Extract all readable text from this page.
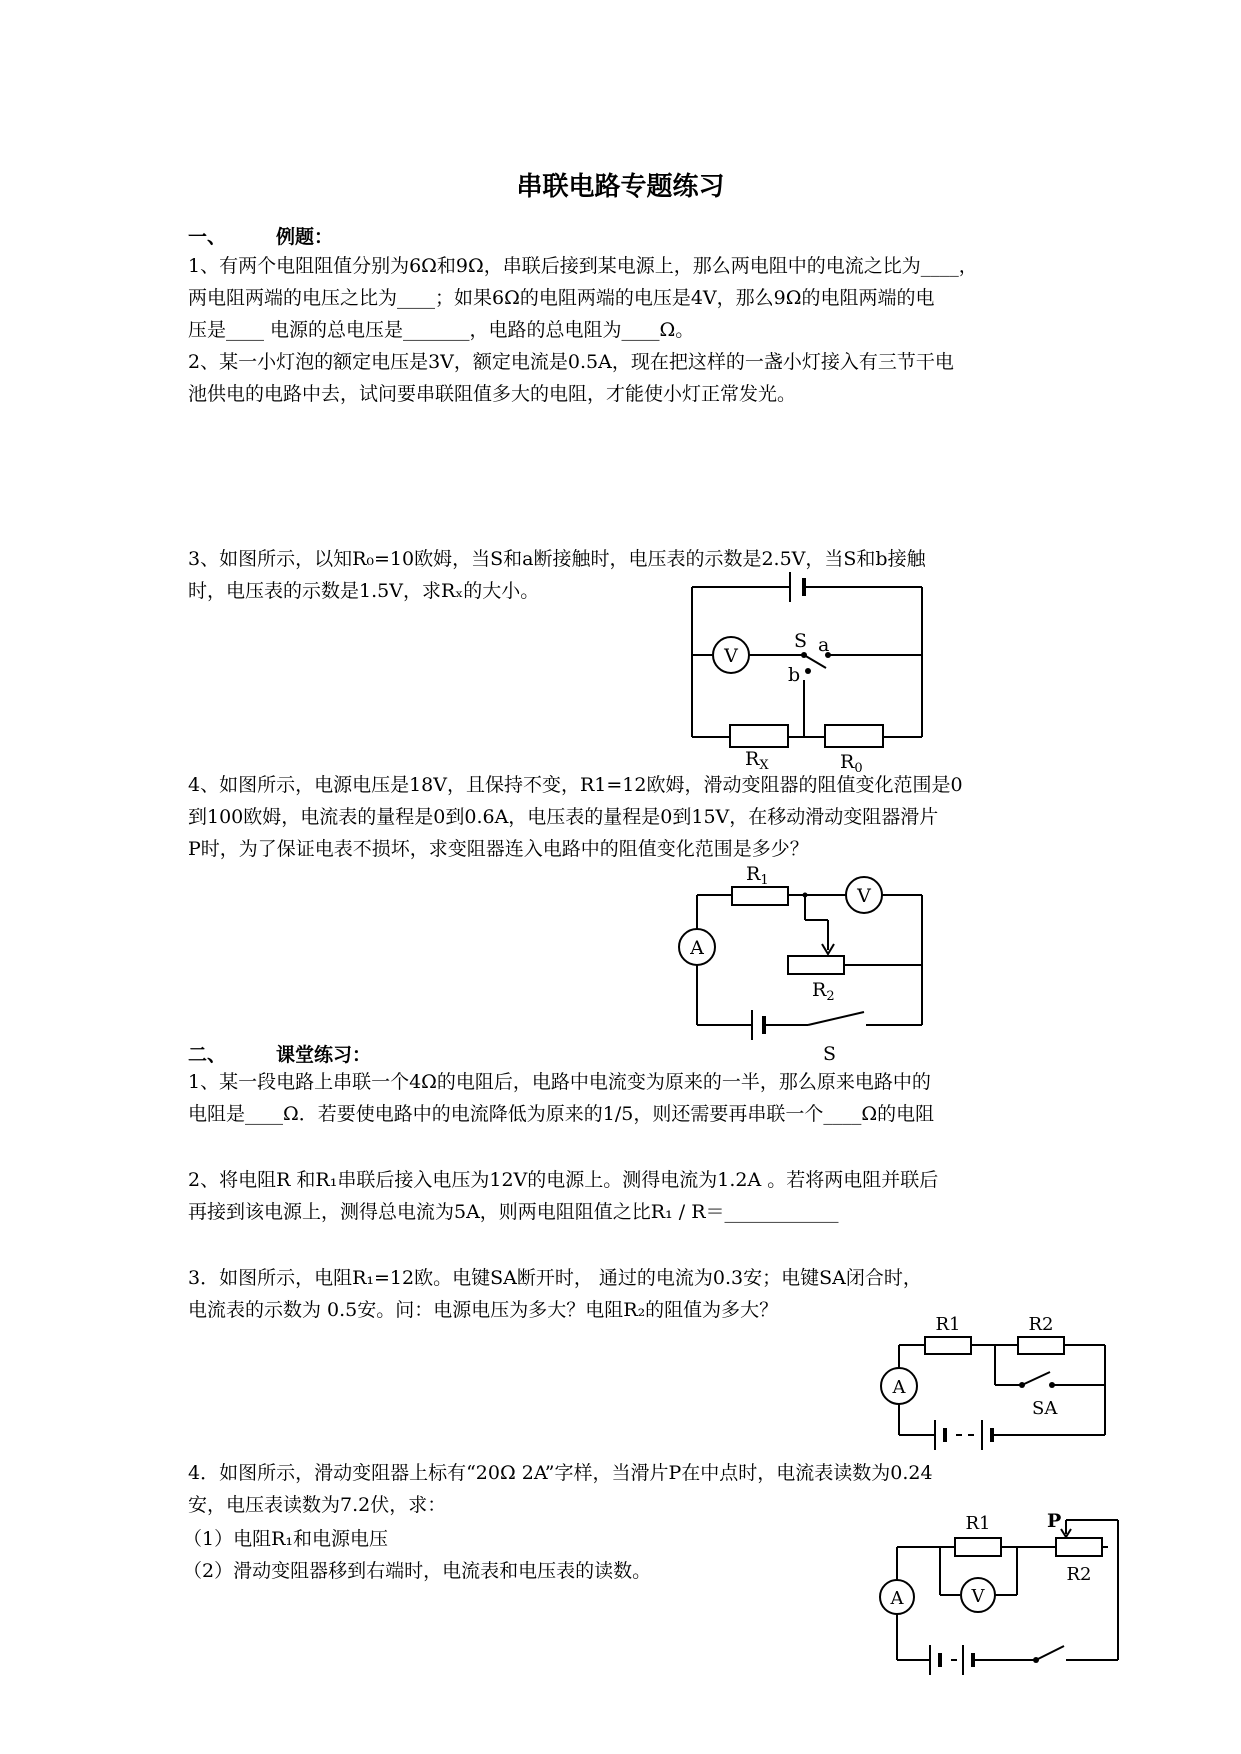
串联电路专题练习
一、	例题：
1、有两个电阻阻值分别为6Ω和9Ω，串联后接到某电源上，那么两电阻中的电流之比为____，
两电阻两端的电压之比为____；如果6Ω的电阻两端的电压是4V，那么9Ω的电阻两端的电
压是____ 电源的总电压是_______，电路的总电阻为____Ω。
2、某一小灯泡的额定电压是3V，额定电流是0.5A，现在把这样的一盏小灯接入有三节干电
池供电的电路中去，试问要串联阻值多大的电阻，才能使小灯正常发光。
3、如图所示，以知R₀=10欧姆，当S和a断接触时，电压表的示数是2.5V，当S和b接触
时，电压表的示数是1.5V，求Rₓ的大小。
V
S a
b
$R_X$	$R_0$
4、如图所示，电源电压是18V，且保持不变，R1=12欧姆，滑动变阻器的阻值变化范围是0
到100欧姆，电流表的量程是0到0.6A，电压表的量程是0到15V，在移动滑动变阻器滑片
P时，为了保证电表不损坏，求变阻器连入电路中的阻值变化范围是多少？
$R_1$
V
A
$R_2$
S
二、	课堂练习：
1、某一段电路上串联一个4Ω的电阻后，电路中电流变为原来的一半，那么原来电路中的
电阻是____Ω．若要使电路中的电流降低为原来的1/5，则还需要再串联一个____Ω的电阻
2、将电阻R 和R₁串联后接入电压为12V的电源上。测得电流为1.2A 。若将两电阻并联后
再接到该电源上，测得总电流为5A，则两电阻阻值之比R₁ / R＝____________
3．如图所示，电阻R₁=12欧。电键SA断开时， 通过的电流为0.3安；电键SA闭合时，
电流表的示数为 0.5安。问：电源电压为多大？电阻R₂的阻值为多大？
R1	R2
A
SA
4．如图所示，滑动变阻器上标有“20Ω 2A”字样，当滑片P在中点时，电流表读数为0.24
安，电压表读数为7.2伏，求：
（1）电阻R₁和电源电压
（2）滑动变阻器移到右端时，电流表和电压表的读数。
R1	P
R2
A	V
